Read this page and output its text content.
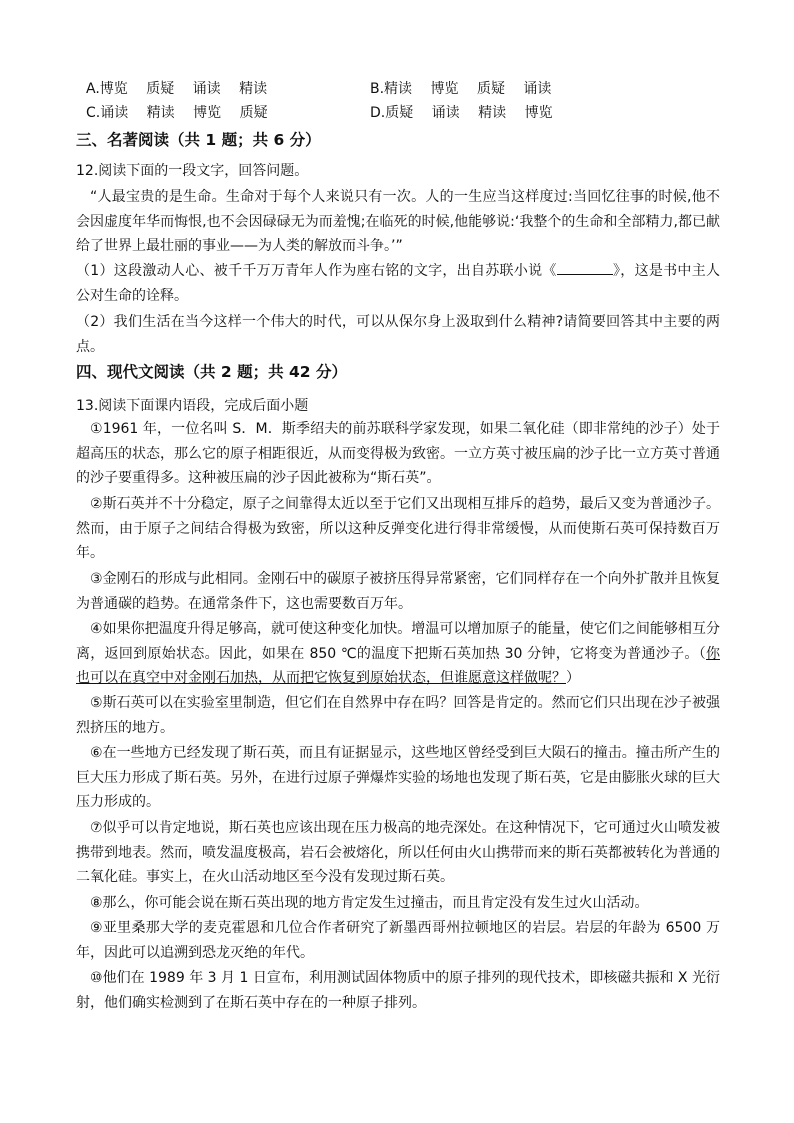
A.博览　 质疑　 诵读　 精读	B.精读　 博览　 质疑　 诵读
C.诵读　 精读　 博览　 质疑	D.质疑　 诵读　 精读　 博览
三、名著阅读（共 1 题；共 6 分）
12.阅读下面的一段文字，回答问题。
“人最宝贵的是生命。生命对于每个人来说只有一次。人的一生应当这样度过:当回忆往事的时候,他不会因虚度年华而悔恨,也不会因碌碌无为而羞愧;在临死的时候,他能够说:‘我整个的生命和全部精力,都已献给了世界上最壮丽的事业——为人类的解放而斗争。’”
（1）这段激动人心、被千千万万青年人作为座右铭的文字，出自苏联小说《	》，这是书中主人公对生命的诠释。
（2）我们生活在当今这样一个伟大的时代，可以从保尔身上汲取到什么精神?请简要回答其中主要的两点。
四、现代文阅读（共 2 题；共 42 分）
13.阅读下面课内语段，完成后面小题
①1961 年，一位名叫 S．M．斯季绍夫的前苏联科学家发现，如果二氧化硅（即非常纯的沙子）处于超高压的状态，那么它的原子相距很近，从而变得极为致密。一立方英寸被压扁的沙子比一立方英寸普通的沙子要重得多。这种被压扁的沙子因此被称为“斯石英”。
②斯石英并不十分稳定，原子之间靠得太近以至于它们又出现相互排斥的趋势，最后又变为普通沙子。然而，由于原子之间结合得极为致密，所以这种反弹变化进行得非常缓慢，从而使斯石英可保持数百万年。
③金刚石的形成与此相同。金刚石中的碳原子被挤压得异常紧密，它们同样存在一个向外扩散并且恢复为普通碳的趋势。在通常条件下，这也需要数百万年。
④如果你把温度升得足够高，就可使这种变化加快。增温可以增加原子的能量，使它们之间能够相互分离，返回到原始状态。因此，如果在 850 ℃的温度下把斯石英加热 30 分钟，它将变为普通沙子。（你也可以在真空中对金刚石加热，从而把它恢复到原始状态，但谁愿意这样做呢？）
⑤斯石英可以在实验室里制造，但它们在自然界中存在吗？回答是肯定的。然而它们只出现在沙子被强烈挤压的地方。
⑥在一些地方已经发现了斯石英，而且有证据显示，这些地区曾经受到巨大陨石的撞击。撞击所产生的巨大压力形成了斯石英。另外，在进行过原子弹爆炸实验的场地也发现了斯石英，它是由膨胀火球的巨大压力形成的。
⑦似乎可以肯定地说，斯石英也应该出现在压力极高的地壳深处。在这种情况下，它可通过火山喷发被携带到地表。然而，喷发温度极高，岩石会被熔化，所以任何由火山携带而来的斯石英都被转化为普通的二氧化硅。事实上，在火山活动地区至今没有发现过斯石英。
⑧那么，你可能会说在斯石英出现的地方肯定发生过撞击，而且肯定没有发生过火山活动。
⑨亚里桑那大学的麦克霍恩和几位合作者研究了新墨西哥州拉顿地区的岩层。岩层的年龄为 6500 万年，因此可以追溯到恐龙灭绝的年代。
⑩他们在 1989 年 3 月 1 日宣布，利用测试固体物质中的原子排列的现代技术，即核磁共振和 X 光衍射，他们确实检测到了在斯石英中存在的一种原子排列。
